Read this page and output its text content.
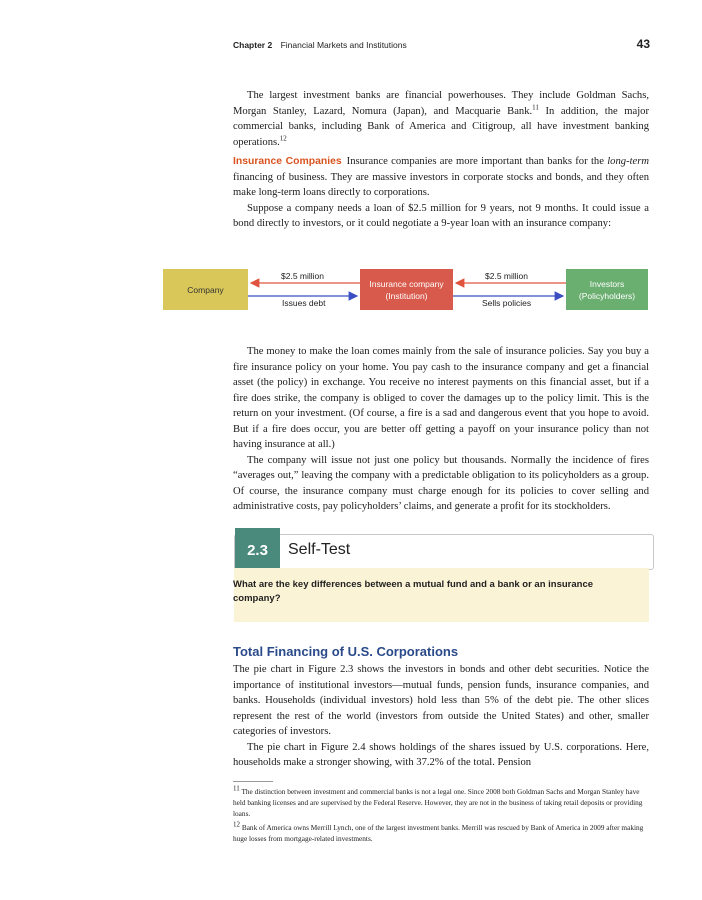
Chapter 2 Financial Markets and Institutions	43

The largest investment banks are financial powerhouses. They include Goldman Sachs, Morgan Stanley, Lazard, Nomura (Japan), and Macquarie Bank.$^{11}$ In addition, the major commercial banks, including Bank of America and Citigroup, all have investment banking operations.$^{12}$

Insurance Companies Insurance companies are more important than banks for the long-term financing of business. They are massive investors in corporate stocks and bonds, and they often make long-term loans directly to corporations.

Suppose a company needs a loan of $2.5 million for 9 years, not 9 months. It could issue a bond directly to investors, or it could negotiate a 9-year loan with an insurance company:

Company
Insurance company
(Institution)
Investors
(Policyholders)
$2.5 million
Issues debt
$2.5 million
Sells policies

The money to make the loan comes mainly from the sale of insurance policies. Say you buy a fire insurance policy on your home. You pay cash to the insurance company and get a financial asset (the policy) in exchange. You receive no interest payments on this financial asset, but if a fire does strike, the company is obliged to cover the damages up to the policy limit. This is the return on your investment. (Of course, a fire is a sad and dangerous event that you hope to avoid. But if a fire does occur, you are better off getting a payoff on your insurance policy than not having insurance at all.)

The company will issue not just one policy but thousands. Normally the incidence of fires “averages out,” leaving the company with a predictable obligation to its policyholders as a group. Of course, the insurance company must charge enough for its policies to cover selling and administrative costs, pay policyholders’ claims, and generate a profit for its stockholders.

2.3	Self-Test
What are the key differences between a mutual fund and a bank or an insurance company?
Total Financing of U.S. Corporations

The pie chart in Figure 2.3 shows the investors in bonds and other debt securities. Notice the importance of institutional investors—mutual funds, pension funds, insurance companies, and banks. Households (individual investors) hold less than 5% of the debt pie. The other slices represent the rest of the world (investors from outside the United States) and other, smaller categories of investors.

The pie chart in Figure 2.4 shows holdings of the shares issued by U.S. corporations. Here, households make a stronger showing, with 37.2% of the total. Pension

11 The distinction between investment and commercial banks is not a legal one. Since 2008 both Goldman Sachs and Morgan Stanley have held banking licenses and are supervised by the Federal Reserve. However, they are not in the business of taking retail deposits or providing loans.

12 Bank of America owns Merrill Lynch, one of the largest investment banks. Merrill was rescued by Bank of America in 2009 after making huge losses from mortgage-related investments.
